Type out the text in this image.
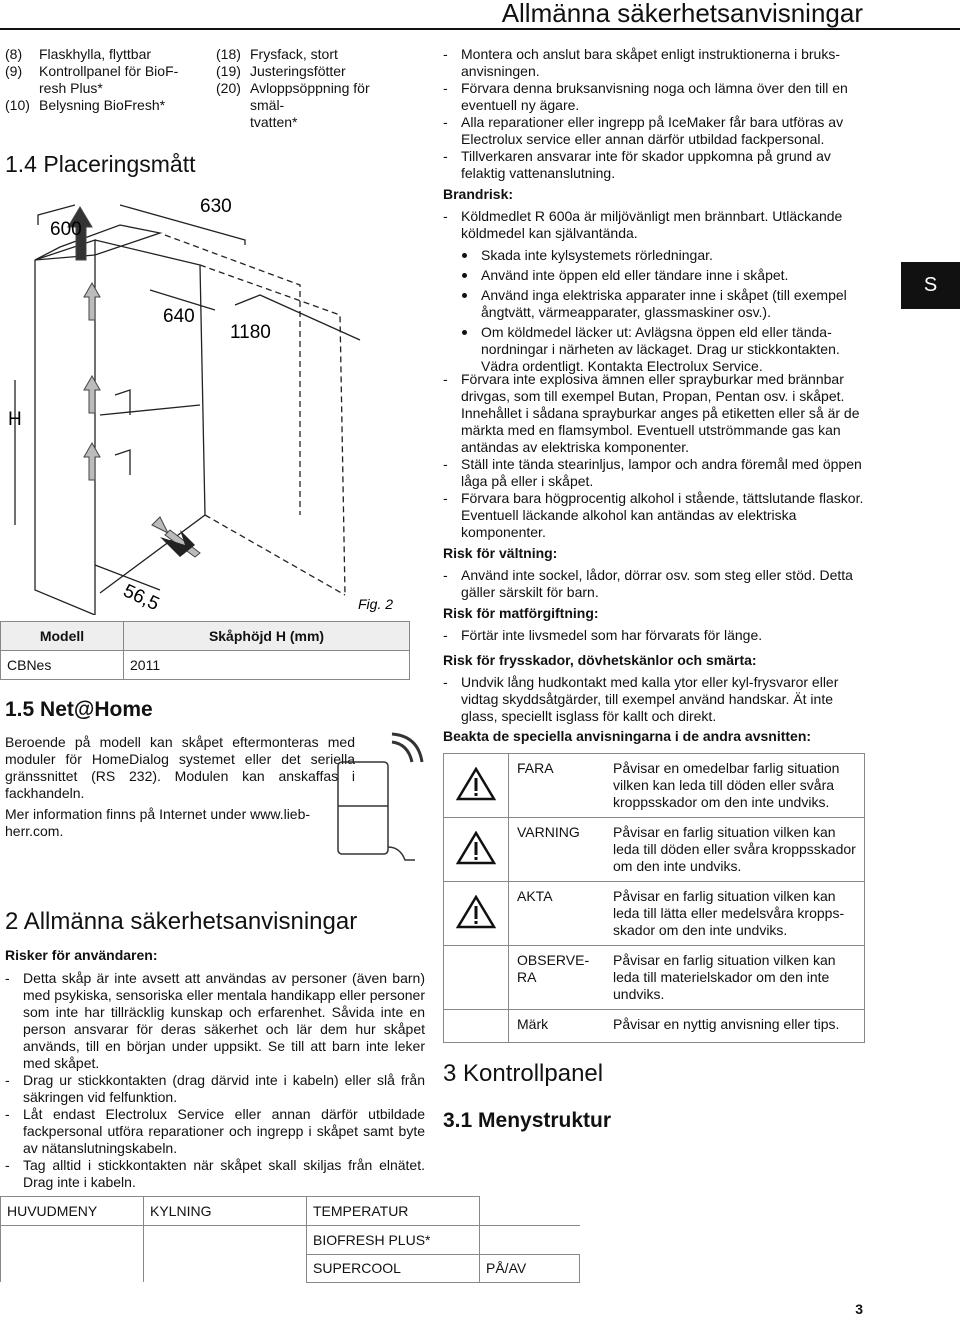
Allmänna säkerhetsanvisningar
(8)	Flaskhylla, flyttbar
(9)	Kontrollpanel för BioF-
resh Plus*
(10) Belysning BioFresh*
(18) Frysfack, stort
(19) Justeringsfötter
(20) Avloppsöppning för smäl-
tvatten*
1.4 Placeringsmått
600
630
640
1180
H
56,5	Fig. 2
Modell	Skåphöjd H (mm)
CBNes	2011
1.5 Net@Home
Beroende på modell kan skåpet eftermonteras med moduler för HomeDialog systemet eller det seriella gränssnittet (RS 232). Modulen kan anskaffas i fackhandeln.
Mer information finns på Internet under www.liebherr.com.
2 Allmänna säkerhetsanvisningar
Risker för användaren:
- Detta skåp är inte avsett att användas av personer (även barn) med psykiska, sensoriska eller mentala handikapp eller personer som inte har tillräcklig kunskap och erfarenhet. Såvida inte en person ansvarar för deras säkerhet och lär dem hur skåpet används, till en början under uppsikt. Se till att barn inte leker med skåpet.
- Drag ur stickkontakten (drag därvid inte i kabeln) eller slå från säkringen vid felfunktion.
- Låt endast Electrolux Service eller annan därför utbildade fackpersonal utföra reparationer och ingrepp i skåpet samt byte av nätanslutningskabeln.
- Tag alltid i stickkontakten när skåpet skall skiljas från elnätet. Drag inte i kabeln.
HUVUDMENY	KYLNING	TEMPERATUR	
		BIOFRESH PLUS*	
		SUPERCOOL	PÅ/AV
- Montera och anslut bara skåpet enligt instruktionerna i bruksanvisningen.
- Förvara denna bruksanvisning noga och lämna över den till en eventuell ny ägare.
- Alla reparationer eller ingrepp på IceMaker får bara utföras av Electrolux service eller annan därför utbildad fackpersonal.
- Tillverkaren ansvarar inte för skador uppkomna på grund av felaktig vattenanslutning.
Brandrisk:
- Köldmedlet R 600a är miljövänligt men brännbart. Utläckande köldmedel kan självantända.
Skada inte kylsystemets rörledningar.
Använd inte öppen eld eller tändare inne i skåpet.
Använd inga elektriska apparater inne i skåpet (till exempel ångtvätt, värmeapparater, glassmaskiner osv.).
Om köldmedel läcker ut: Avlägsna öppen eld eller tändanordningar i närheten av läckaget. Drag ur stickkontakten. Vädra ordentligt. Kontakta Electrolux Service.
- Förvara inte explosiva ämnen eller sprayburkar med brännbar drivgas, som till exempel Butan, Propan, Pentan osv. i skåpet. Innehållet i sådana sprayburkar anges på etiketten eller så är de märkta med en flamsymbol. Eventuell utströmmande gas kan antändas av elektriska komponenter.
- Ställ inte tända stearinljus, lampor och andra föremål med öppen låga på eller i skåpet.
- Förvara bara högprocentig alkohol i stående, tättslutande flaskor. Eventuell läckande alkohol kan antändas av elektriska komponenter.
Risk för vältning:
- Använd inte sockel, lådor, dörrar osv. som steg eller stöd. Detta gäller särskilt för barn.
Risk för matförgiftning:
- Förtär inte livsmedel som har förvarats för länge.
Risk för frysskador, dövhetskänlor och smärta:
- Undvik lång hudkontakt med kalla ytor eller kyl-frysvaror eller vidtag skyddsåtgärder, till exempel använd handskar. Ät inte glass, speciellt isglass för kallt och direkt.
Beakta de speciella anvisningarna i de andra avsnitten:
	FARA	Påvisar en omedelbar farlig situation vilken kan leda till döden eller svåra kroppsskador om den inte undviks.
	VARNING	Påvisar en farlig situation vilken kan leda till döden eller svåra kroppsskador om den inte undviks.
	AKTA	Påvisar en farlig situation vilken kan leda till lätta eller medelsvåra kroppsskador om den inte undviks.
	OBSERVERA	Påvisar en farlig situation vilken kan leda till materielskador om den inte undviks.
	Märk	Påvisar en nyttig anvisning eller tips.
3 Kontrollpanel
3.1 Menystruktur
S
3
